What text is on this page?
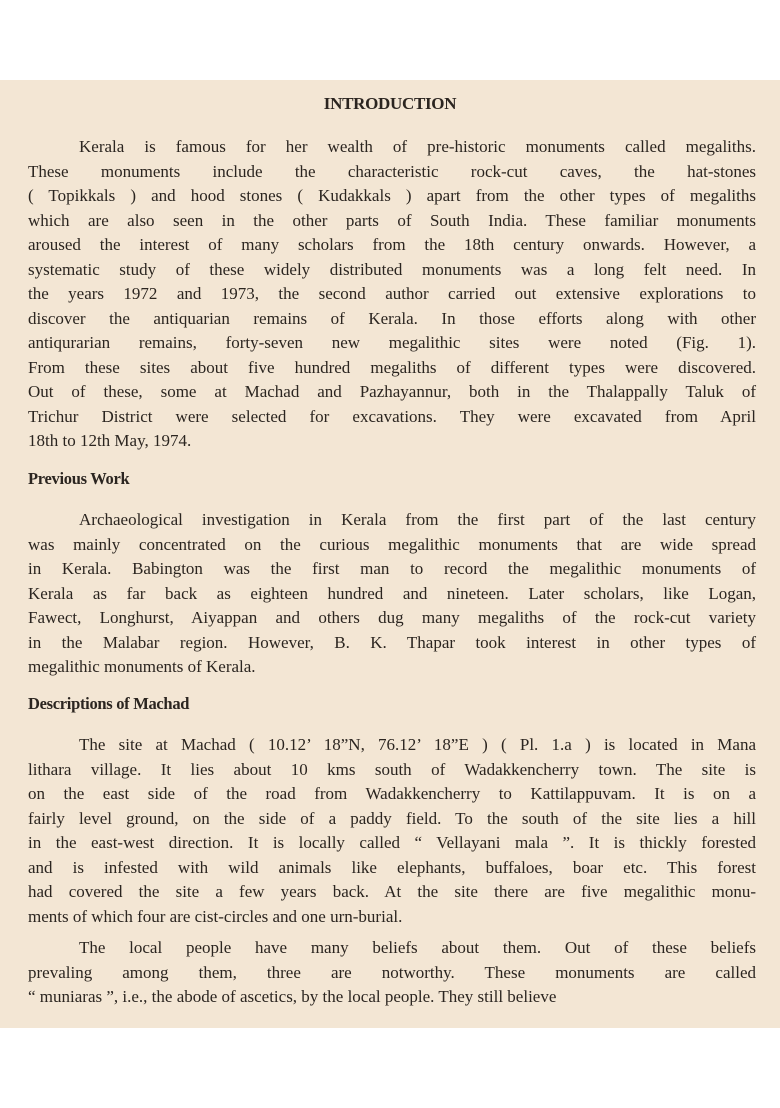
INTRODUCTION
Kerala is famous for her wealth of pre-historic monuments called megaliths.
These monuments include the characteristic rock-cut caves, the hat-stones
( Topikkals ) and hood stones ( Kudakkals ) apart from the other types of megaliths
which are also seen in the other parts of South India. These familiar monuments
aroused the interest of many scholars from the 18th century onwards. However, a
systematic study of these widely distributed monuments was a long felt need. In
the years 1972 and 1973, the second author carried out extensive explorations to
discover the antiquarian remains of Kerala. In those efforts along with other
antiqurarian remains, forty-seven new megalithic sites were noted (Fig. 1).
From these sites about five hundred megaliths of different types were discovered.
Out of these, some at Machad and Pazhayannur, both in the Thalappally Taluk of
Trichur District were selected for excavations. They were excavated from April
18th to 12th May, 1974.
Previous Work
Archaeological investigation in Kerala from the first part of the last century
was mainly concentrated on the curious megalithic monuments that are wide spread
in Kerala. Babington was the first man to record the megalithic monuments of
Kerala as far back as eighteen hundred and nineteen. Later scholars, like Logan,
Fawect, Longhurst, Aiyappan and others dug many megaliths of the rock-cut variety
in the Malabar region. However, B. K. Thapar took interest in other types of
megalithic monuments of Kerala.
Descriptions of Machad
The site at Machad ( 10.12’ 18”N, 76.12’ 18”E ) ( Pl. 1.a ) is located in Mana
lithara village. It lies about 10 kms south of Wadakkencherry town. The site is
on the east side of the road from Wadakkencherry to Kattilappuvam. It is on a
fairly level ground, on the side of a paddy field. To the south of the site lies a hill
in the east-west direction. It is locally called “ Vellayani mala ”. It is thickly forested
and is infested with wild animals like elephants, buffaloes, boar etc. This forest
had covered the site a few years back. At the site there are five megalithic monu-
ments of which four are cist-circles and one urn-burial.
The local people have many beliefs about them. Out of these beliefs
prevaling among them, three are notworthy. These monuments are called
“ muniaras ”, i.e., the abode of ascetics, by the local people. They still believe
